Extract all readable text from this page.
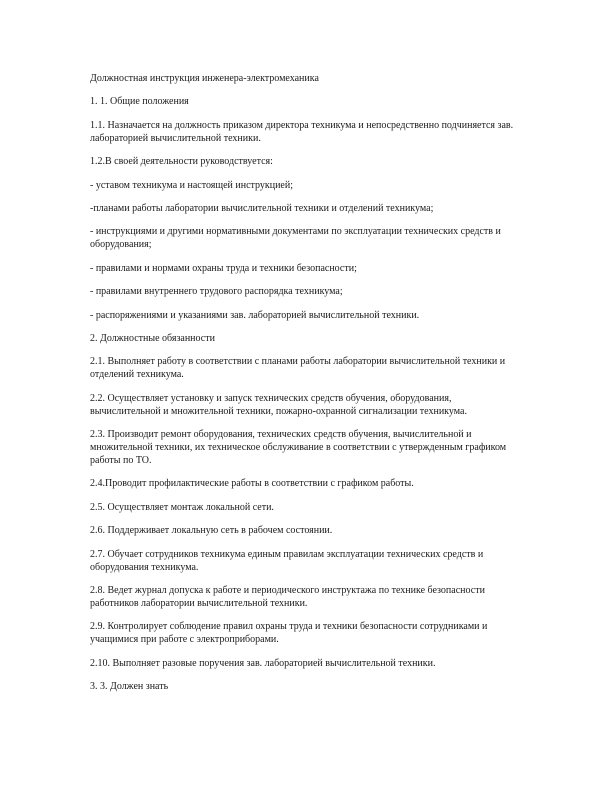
Должностная инструкция инженера-электромеханика

1. 1. Общие положения

1.1. Назначается на должность приказом директора техникума и непосредственно подчиняется зав. лабораторией вычислительной техники.

1.2.В своей деятельности руководствуется:

- уставом техникума и настоящей инструкцией;

-планами работы лаборатории вычислительной техники и отделений техникума;

- инструкциями и другими нормативными документами по эксплуатации технических средств и оборудования;

- правилами и нормами охраны труда и техники безопасности;

- правилами внутреннего трудового распорядка техникума;

- распоряжениями и указаниями зав. лабораторией вычислительной техники.

2. Должностные обязанности

2.1. Выполняет работу в соответствии с планами работы лаборатории вычислительной техники и отделений техникума.

2.2. Осуществляет установку и запуск технических средств обучения, оборудования, вычислительной и множительной техники, пожарно-охранной сигнализации техникума.

2.3. Производит ремонт оборудования, технических средств обучения, вычислительной и множительной техники, их техническое обслуживание в соответствии с утвержденным графиком работы по ТО.

2.4.Проводит профилактические работы в соответствии с графиком работы.

2.5. Осуществляет монтаж локальной сети.

2.6. Поддерживает локальную сеть в рабочем состоянии.

2.7. Обучает сотрудников техникума единым правилам эксплуатации технических средств и оборудования техникума.

2.8. Ведет журнал допуска к работе и периодического инструктажа по технике безопасности работников лаборатории вычислительной техники.

2.9. Контролирует соблюдение правил охраны труда и техники безопасности сотрудниками и учащимися при работе с электроприборами.

2.10. Выполняет разовые поручения зав. лабораторией вычислительной техники.

3. 3. Должен знать
